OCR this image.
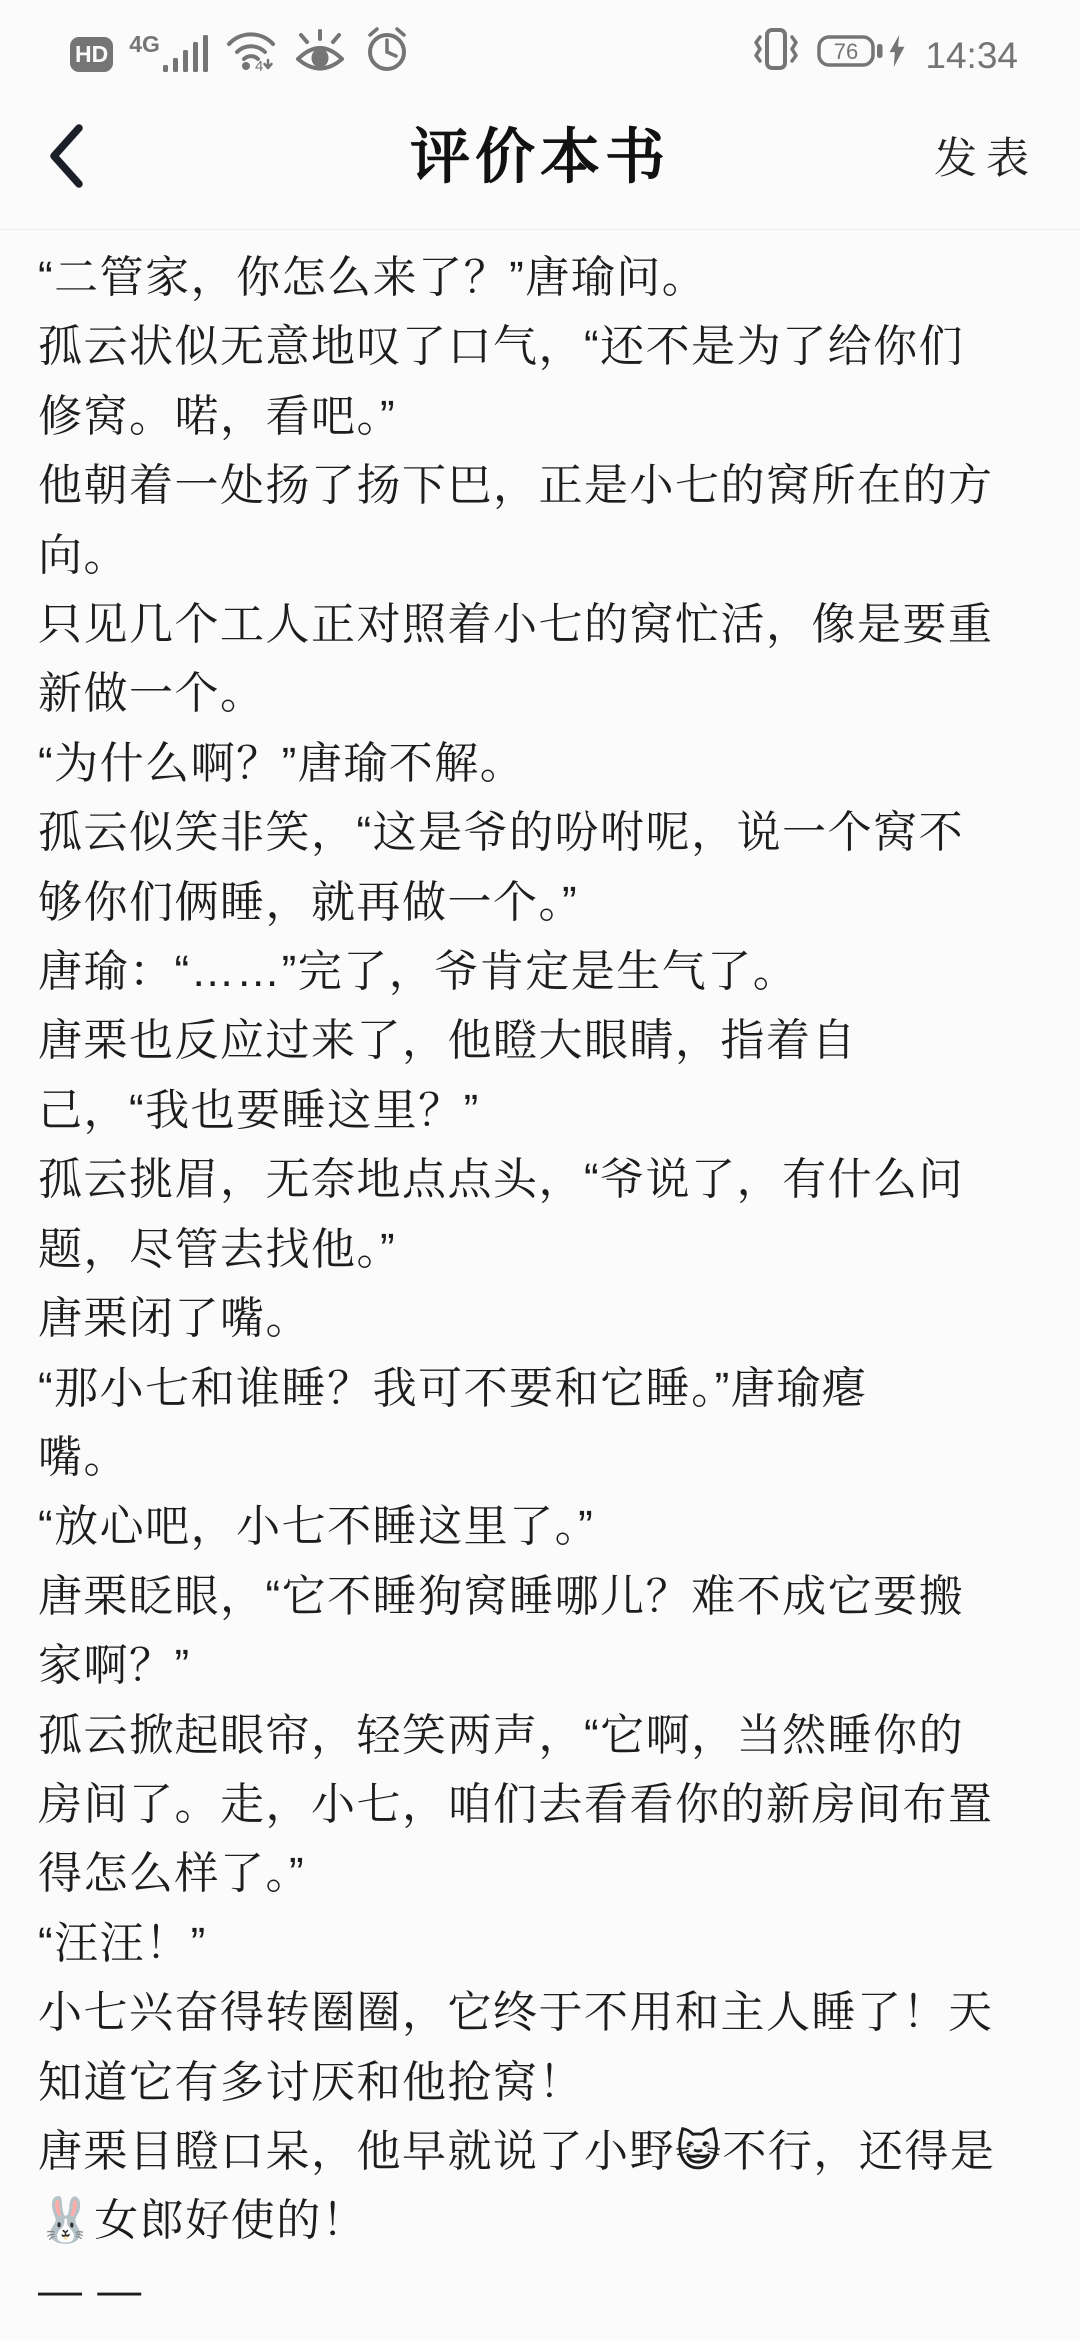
HD 4G
4
76 14:34
评价本书	发表
“二管家，你怎么来了？”唐瑜问。
孤云状似无意地叹了口气，“还不是为了给你们
修窝。喏，看吧。”
他朝着一处扬了扬下巴，正是小七的窝所在的方
向。
只见几个工人正对照着小七的窝忙活，像是要重
新做一个。
“为什么啊？”唐瑜不解。
孤云似笑非笑，“这是爷的吩咐呢，说一个窝不
够你们俩睡，就再做一个。”
唐瑜：“……”完了，爷肯定是生气了。
唐栗也反应过来了，他瞪大眼睛，指着自
己，“我也要睡这里？”
孤云挑眉，无奈地点点头，“爷说了，有什么问
题，尽管去找他。”
唐栗闭了嘴。
“那小七和谁睡？我可不要和它睡。”唐瑜瘪
嘴。
“放心吧，小七不睡这里了。”
唐栗眨眼，“它不睡狗窝睡哪儿？难不成它要搬
家啊？”
孤云掀起眼帘，轻笑两声，“它啊，当然睡你的
房间了。走，小七，咱们去看看你的新房间布置
得怎么样了。”
“汪汪！”
小七兴奋得转圈圈，它终于不用和主人睡了！天
知道它有多讨厌和他抢窝！
唐栗目瞪口呆，他早就说了小野😺不行，还得是
🐰女郎好使的！
— —
